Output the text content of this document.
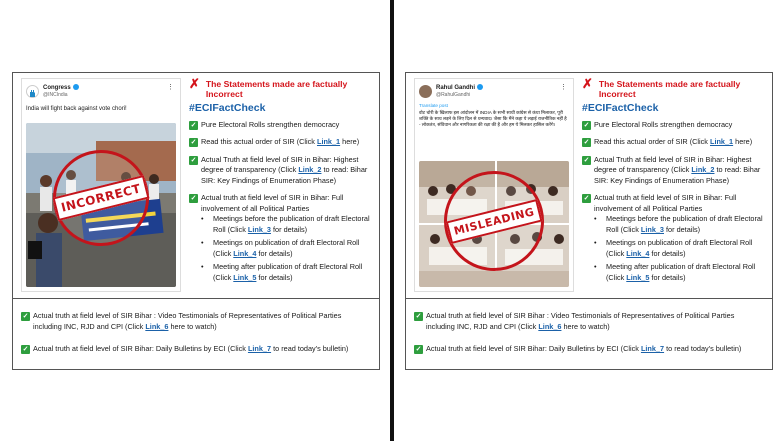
Congress
@INCIndia
⋮
India will fight back against vote chori!
INCORRECT
✗ The Statements made are factually Incorrect
#ECIFactCheck
✓ Pure Electoral Rolls strengthen democracy
✓ Read this actual order of SIR (Click Link_1 here)
✓ Actual Truth at field level of SIR in Bihar: Highest degree of transparency (Click Link_2 to read: Bihar SIR: Key Findings of Enumeration Phase)
✓ Actual truth at field level of SIR in Bihar: Full involvement of all Political Parties
• Meetings before the publication of draft Electoral Roll (Click Link_3 for details)
• Meetings on publication of draft Electoral Roll (Click Link_4 for details)
• Meeting after publication of draft Electoral Roll (Click Link_5 for details)
✓ Actual truth at field level of SIR Bihar : Video Testimonials of Representatives of Political Parties including INC, RJD and CPI (Click Link_6 here to watch)
✓ Actual truth at field level of SIR Bihar: Daily Bulletins by ECI (Click Link_7 to read today's bulletin)
Rahul Gandhi
@RahulGandhi
⋮
Translate post
वोट चोरी के खिलाफ इस आंदोलन में INDIA के सभी साथी कांग्रेस से कंधा मिलाकर, पूरी शक्ति के साथ लड़ने के लिए दिल से धन्यवाद। जैसा कि मैंने कहा ये लड़ाई राजनीतिक नहीं है - लोकतंत्र, संविधान और नागरिकता की रक्षा की है और हम ये मिलकर हासिल करेंगे।
MISLEADING
✗ The Statements made are factually Incorrect
#ECIFactCheck
✓ Pure Electoral Rolls strengthen democracy
✓ Read this actual order of SIR (Click Link_1 here)
✓ Actual Truth at field level of SIR in Bihar: Highest degree of transparency (Click Link_2 to read: Bihar SIR: Key Findings of Enumeration Phase)
✓ Actual truth at field level of SIR in Bihar: Full involvement of all Political Parties
• Meetings before the publication of draft Electoral Roll (Click Link_3 for details)
• Meetings on publication of draft Electoral Roll (Click Link_4 for details)
• Meeting after publication of draft Electoral Roll (Click Link_5 for details)
✓ Actual truth at field level of SIR Bihar : Video Testimonials of Representatives of Political Parties including INC, RJD and CPI (Click Link_6 here to watch)
✓ Actual truth at field level of SIR Bihar: Daily Bulletins by ECI (Click Link_7 to read today's bulletin)
